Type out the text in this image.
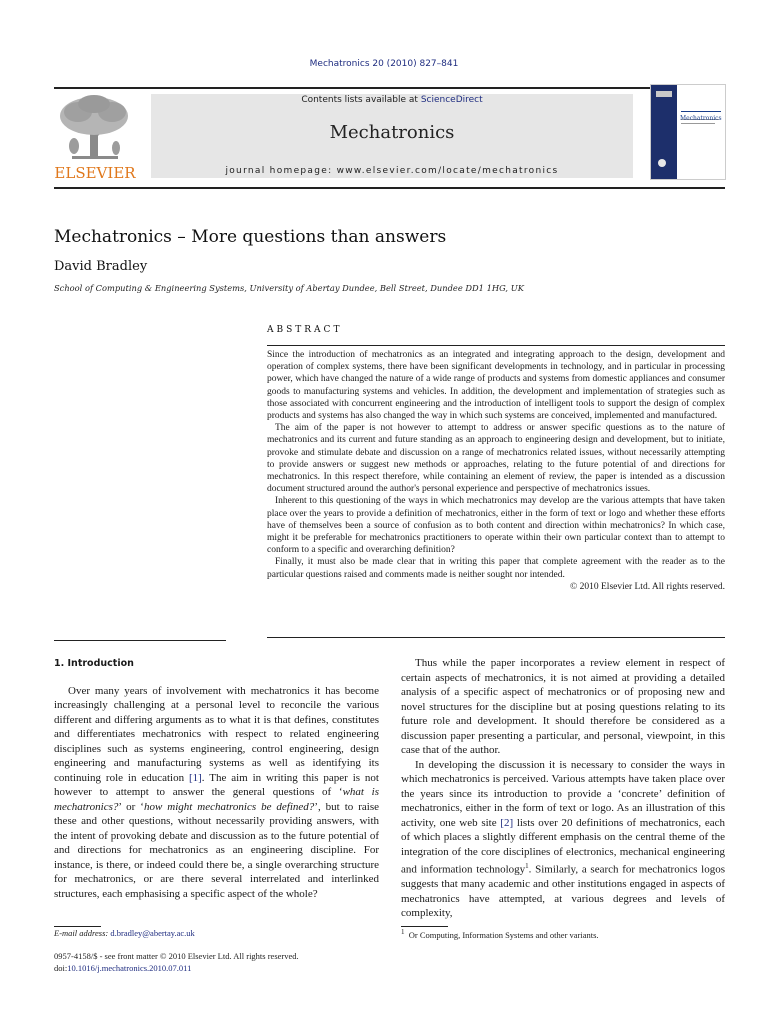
Mechatronics 20 (2010) 827–841
ELSEVIER
Contents lists available at ScienceDirect
Mechatronics
journal homepage: www.elsevier.com/locate/mechatronics
Mechatronics
Mechatronics – More questions than answers
David Bradley
School of Computing & Engineering Systems, University of Abertay Dundee, Bell Street, Dundee DD1 1HG, UK
ABSTRACT

Since the introduction of mechatronics as an integrated and integrating approach to the design, development and operation of complex systems, there have been significant developments in technology, and in particular in processing power, which have changed the nature of a wide range of products and systems from domestic appliances and consumer goods to manufacturing systems and vehicles. In addition, the development and implementation of strategies such as those associated with concurrent engineering and the introduction of intelligent tools to support the design of complex products and systems has also changed the way in which such systems are conceived, implemented and manufactured.

The aim of the paper is not however to attempt to address or answer specific questions as to the nature of mechatronics and its current and future standing as an approach to engineering design and development, but to initiate, provoke and stimulate debate and discussion on a range of mechatronics related issues, without necessarily attempting to provide answers or suggest new methods or approaches, relating to the future potential of and directions for mechatronics. In this respect therefore, while containing an element of review, the paper is intended as a discussion document structured around the author's personal experience and perspective of mechatronics issues.

Inherent to this questioning of the ways in which mechatronics may develop are the various attempts that have taken place over the years to provide a definition of mechatronics, either in the form of text or logo and whether these efforts have of themselves been a source of confusion as to both content and direction within mechatronics? In which case, might it be preferable for mechatronics practitioners to operate within their own particular context than to attempt to conform to a specific and overarching definition?

Finally, it must also be made clear that in writing this paper that complete agreement with the reader as to the particular questions raised and comments made is neither sought nor intended.

© 2010 Elsevier Ltd. All rights reserved.
1. Introduction

Over many years of involvement with mechatronics it has become increasingly challenging at a personal level to reconcile the various different and differing arguments as to what it is that defines, constitutes and differentiates mechatronics with respect to related engineering disciplines such as systems engineering, control engineering, design engineering and manufacturing systems as well as identifying its continuing role in education [1]. The aim in writing this paper is not however to attempt to answer the general questions of ‘what is mechatronics?’ or ‘how might mechatronics be defined?’, but to raise these and other questions, without necessarily providing answers, with the intent of provoking debate and discussion as to the future potential of and directions for mechatronics as an engineering discipline. For instance, is there, or indeed could there be, a single overarching structure for mechatronics, or are there several interrelated and interlinked structures, each emphasising a specific aspect of the whole?

Thus while the paper incorporates a review element in respect of certain aspects of mechatronics, it is not aimed at providing a detailed analysis of a specific aspect of mechatronics or of proposing new and novel structures for the discipline but at posing questions relating to its future role and development. It should therefore be considered as a discussion paper presenting a particular, and personal, viewpoint, in this case that of the author.

In developing the discussion it is necessary to consider the ways in which mechatronics is perceived. Various attempts have taken place over the years since its introduction to provide a ‘concrete’ definition of mechatronics, either in the form of text or logo. As an illustration of this activity, one web site [2] lists over 20 definitions of mechatronics, each of which places a slightly different emphasis on the central theme of the integration of the core disciplines of electronics, mechanical engineering and information technology$^1$. Similarly, a search for mechatronics logos suggests that many academic and other institutions engaged in aspects of mechatronics have attempted, at various degrees and levels of complexity,

E-mail address: d.bradley@abertay.ac.uk	$^1$ Or Computing, Information Systems and other variants.
0957-4158/$ - see front matter © 2010 Elsevier Ltd. All rights reserved.
doi:10.1016/j.mechatronics.2010.07.011
